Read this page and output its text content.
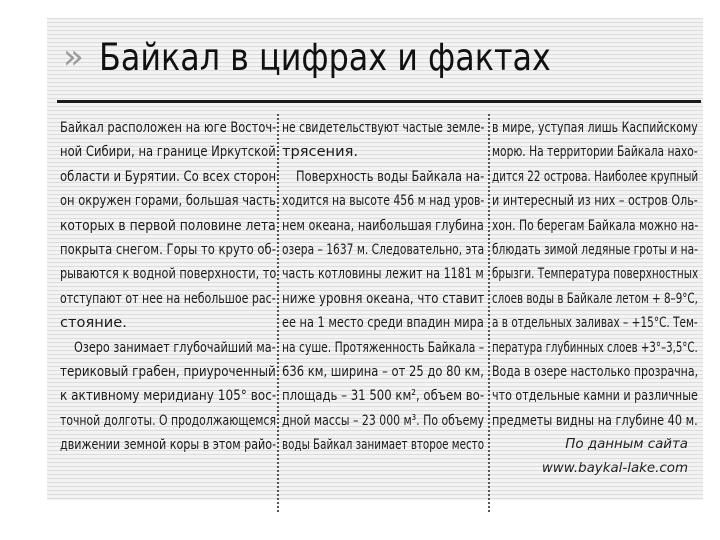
» Байкал в цифрах и фактах
Байкал расположен на юге Восточ-
ной Сибири, на границе Иркутской
области и Бурятии. Со всех сторон
он окружен горами, большая часть
которых в первой половине лета
покрыта снегом. Горы то круто об-
рываются к водной поверхности, то
отступают от нее на небольшое рас-
стояние.
Озеро занимает глубочайший ма-
териковый грабен, приуроченный
к активному меридиану 105° вос-
точной долготы. О продолжающемся
движении земной коры в этом райо-
не свидетельствуют частые земле-
трясения.
Поверхность воды Байкала на-
ходится на высоте 456 м над уров-
нем океана, наибольшая глубина
озера – 1637 м. Следовательно, эта
часть котловины лежит на 1181 м
ниже уровня океана, что ставит
ее на 1 место среди впадин мира
на суше. Протяженность Байкала –
636 км, ширина – от 25 до 80 км,
площадь – 31 500 км², объем во-
дной массы – 23 000 м³. По объему
воды Байкал занимает второе место
в мире, уступая лишь Каспийскому
морю. На территории Байкала нахо-
дится 22 острова. Наиболее крупный
и интересный из них – остров Оль-
хон. По берегам Байкала можно на-
блюдать зимой ледяные гроты и на-
брызги. Температура поверхностных
слоев воды в Байкале летом + 8–9°С,
а в отдельных заливах – +15°С. Тем-
пература глубинных слоев +3°–3,5°С.
Вода в озере настолько прозрачна,
что отдельные камни и различные
предметы видны на глубине 40 м.
По данным сайта www.baykal-lake.com
